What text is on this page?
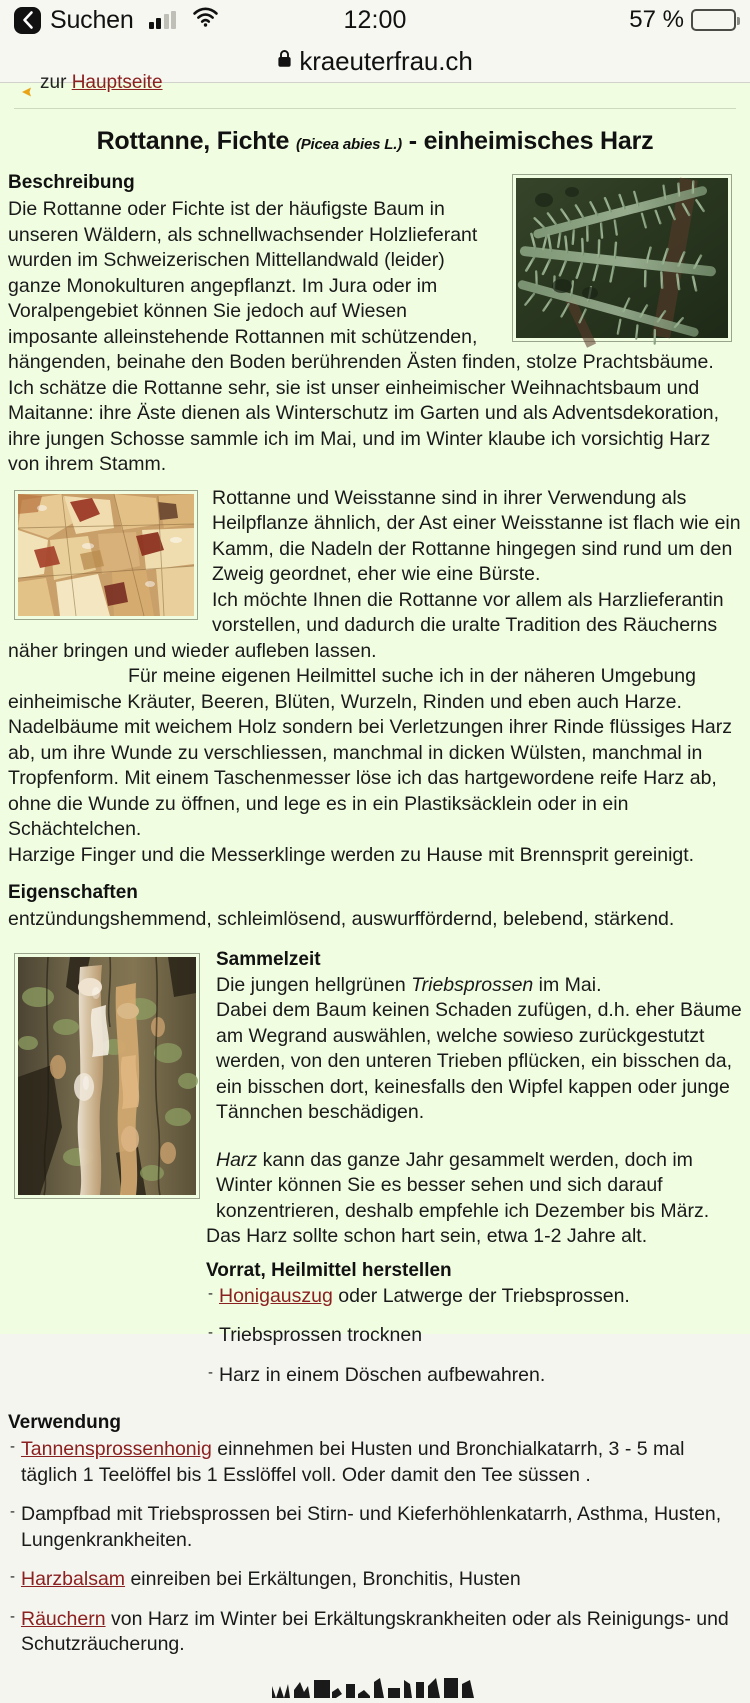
Suchen	12:00	57 %
kraeuterfrau.ch
zur Hauptseite
Rottanne, Fichte (Picea abies L.) - einheimisches Harz
Beschreibung

Die Rottanne oder Fichte ist der häufigste Baum in unseren Wäldern, als schnellwachsender Holzlieferant wurden im Schweizerischen Mittellandwald (leider) ganze Monokulturen angepflanzt. Im Jura oder im Voralpengebiet können Sie jedoch auf Wiesen imposante alleinstehende Rottannen mit schützenden, hängenden, beinahe den Boden berührenden Ästen finden, stolze Prachtsbäume.

Ich schätze die Rottanne sehr, sie ist unser einheimischer Weihnachtsbaum und Maitanne: ihre Äste dienen als Winterschutz im Garten und als Adventsdekoration, ihre jungen Schosse sammle ich im Mai, und im Winter klaube ich vorsichtig Harz von ihrem Stamm.

Rottanne und Weisstanne sind in ihrer Verwendung als Heilpflanze ähnlich, der Ast einer Weisstanne ist flach wie ein Kamm, die Nadeln der Rottanne hingegen sind rund um den Zweig geordnet, eher wie eine Bürste.

Ich möchte Ihnen die Rottanne vor allem als Harzlieferantin vorstellen, und dadurch die uralte Tradition des Räucherns näher bringen und wieder aufleben lassen.

Für meine eigenen Heilmittel suche ich in der näheren Umgebung einheimische Kräuter, Beeren, Blüten, Wurzeln, Rinden und eben auch Harze. Nadelbäume mit weichem Holz sondern bei Verletzungen ihrer Rinde flüssiges Harz ab, um ihre Wunde zu verschliessen, manchmal in dicken Wülsten, manchmal in Tropfenform. Mit einem Taschenmesser löse ich das hartgewordene reife Harz ab, ohne die Wunde zu öffnen, und lege es in ein Plastiksäcklein oder in ein Schächtelchen.

Harzige Finger und die Messerklinge werden zu Hause mit Brennsprit gereinigt.

Eigenschaften

entzündungshemmend, schleimlösend, auswurffördernd, belebend, stärkend.

Sammelzeit

Die jungen hellgrünen Triebsprossen im Mai.

Dabei dem Baum keinen Schaden zufügen, d.h. eher Bäume am Wegrand auswählen, welche sowieso zurückgestutzt werden, von den unteren Trieben pflücken, ein bisschen da, ein bisschen dort, keinesfalls den Wipfel kappen oder junge Tännchen beschädigen.

Harz kann das ganze Jahr gesammelt werden, doch im Winter können Sie es besser sehen und sich darauf konzentrieren, deshalb empfehle ich Dezember bis März.

Das Harz sollte schon hart sein, etwa 1-2 Jahre alt.

Vorrat, Heilmittel herstellen
- Honigauszug oder Latwerge der Triebsprossen.
- Triebsprossen trocknen
- Harz in einem Döschen aufbewahren.
Verwendung
- Tannensprossenhonig einnehmen bei Husten und Bronchialkatarrh, 3 - 5 mal täglich 1 Teelöffel bis 1 Esslöffel voll. Oder damit den Tee süssen .
- Dampfbad mit Triebsprossen bei Stirn- und Kieferhöhlenkatarrh, Asthma, Husten, Lungenkrankheiten.
- Harzbalsam einreiben bei Erkältungen, Bronchitis, Husten
- Räuchern von Harz im Winter bei Erkältungskrankheiten oder als Reinigungs- und Schutzräucherung.
